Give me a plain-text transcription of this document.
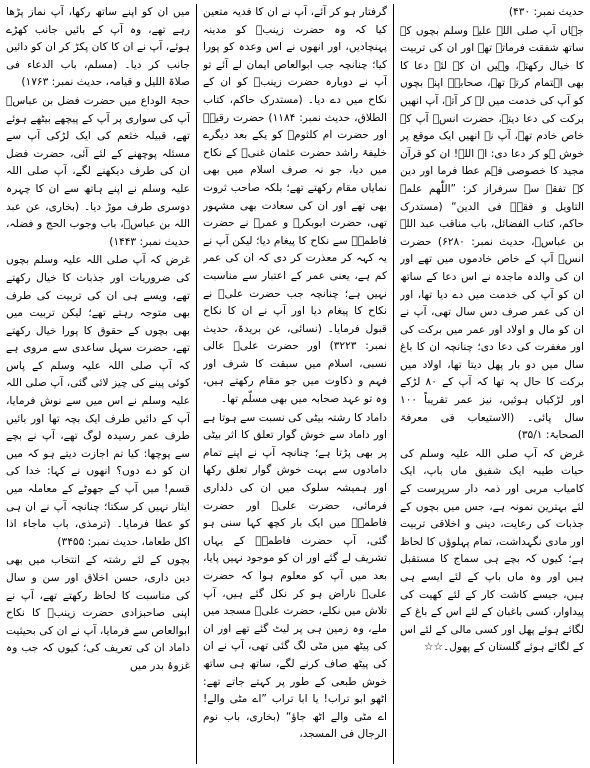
میں ان کو اپنے ساتھ رکھا، آپ نماز پڑھا رہے تھے، وہ آپ کے بائیں جانب کھڑے ہوئے، آپ نے ان کا کان پکڑ کر ان کو دائیں جانب کر دیا۔ (مسلم، باب الدعاء فی صلاۃ اللیل و قیامہ، حدیث نمبر: ۱۷۶۳)

حجۃ الوداع میں حضرت فضل بن عباسؓ آپ کی سواری پر آپ کے پیچھے بیٹھے ہوئے تھے، قبیلہ خثعم کی ایک لڑکی آپ سے مسئلہ پوچھنے کے لئے آئی، حضرت فضل ان کی طرف دیکھنے لگے، آپ صلی اللہ علیہ وسلم نے اپنے ہاتھ سے ان کا چہرہ دوسری طرف موڑ دیا۔ (بخاری، عن عبد اللہ بن عباسؓ، باب وجوب الحج و فضلہ، حدیث نمبر: ۱۴۴۳)

غرض کہ آپ صلی اللہ علیہ وسلم بچوں کی ضروریات اور جذبات کا خیال رکھتے تھے، ویسے ہی ان کی تربیت کی طرف بھی متوجہ رہتے تھے؛ لیکن تربیت میں بھی بچوں کے حقوق کا پورا خیال رکھتے تھے، حضرت سہل ساعدی سے مروی ہے کہ آپ صلی اللہ علیہ وسلم کے پاس کوئی پینے کی چیز لائی گئی، آپ صلی اللہ علیہ وسلم نے اس میں سے نوش فرمایا، آپ کے دائیں طرف ایک بچہ تھا اور بائیں طرف عمر رسیدہ لوگ تھے، آپ نے بچے سے پوچھا: کیا تم اجازت دیتے ہو کہ میں ان کو دے دوں؟ انھوں نے کہا: خدا کی قسم! میں آپ کے جھوٹے کے معاملہ میں ایثار نہیں کر سکتا؛ چنانچہ آپ نے ان ہی کو عطا فرمایا۔ (ترمذی، باب ماجاء اذا اکل طعاما، حدیث نمبر: ۳۴۵۵)

بچوں کے لئے رشتہ کے انتخاب میں بھی دین داری، حسن اخلاق اور سن و سال کی مناسبت کا لحاظ رکھتے تھے، آپ نے اپنی صاحبزادی حضرت زینبؓ کا نکاح ابوالعاص سے فرمایا، آپ نے ان کی بحیثیت داماد ان کی تعریف کی؛ کیوں کہ جب وہ غزوۂ بدر میں

گرفتار ہو کر آئے، آپ نے ان کا فدیہ متعین کیا کہ وہ حضرت زینبؓ کو مدینہ پہنچادیں، اور انھوں نے اس وعدہ کو پورا کیا؛ چنانچہ جب ابوالعاص ایمان لے آئے تو آپ نے دوبارہ حضرت زینبؓ کو ان کے نکاح میں دے دیا۔ (مستدرک حاکم، کتاب الطلاق، حدیث نمبر: ۱۱۸۴) حضرت رقیہؓ اور حضرت ام کلثومؓ کو یکے بعد دیگرے خلیفۂ راشد حضرت عثمان غنیؓ کے نکاح میں دیا، جو نہ صرف اسلام میں بھی نمایاں مقام رکھتے تھے؛ بلکہ صاحب ثروت بھی تھے اور ان کی سعادت بھی مشہور تھی، حضرت ابوبکرؓ و عمرؓ نے حضرت فاطمہؓ سے نکاح کا پیغام دیا؛ لیکن آپ نے یہ کہہ کر معذرت کر دی کہ ان کی عمر کم ہے، یعنی عمر کے اعتبار سے مناسبت نہیں ہے؛ چنانچہ جب حضرت علیؓ نے نکاح کا پیغام دیا اور آپ نے ان کا نکاح قبول فرمایا۔ (نسائی، عن بریدۃ، حدیث نمبر: ۳۲۲۳) اور حضرت علیؓ عالی نسبی، اسلام میں سبقت کا شرف اور فہم و ذکاوت میں جو مقام رکھتے ہیں، وہ تو عہد صحابہ میں بھی مسلّم تھا۔

داماد کا رشتہ بیٹی کی نسبت سے ہوتا ہے اور داماد سے خوش گوار تعلق کا اثر بیٹی پر بھی پڑتا ہے؛ چنانچہ آپ نے اپنے تمام دامادوں سے بہت خوش گوار تعلق رکھا اور ہمیشہ سلوک میں ان کی دلداری فرمائی، حضرت علیؓ اور حضرت فاطمہؓ میں ایک بار کچھ کہا سنی ہو گئی، آپ حضرت فاطمہؓ کے یہاں تشریف لے گئے اور ان کو موجود نہیں پایا، بعد میں آپ کو معلوم ہوا کہ حضرت علیؓ ناراض ہو کر نکل گئے ہیں، آپ تلاش میں نکلے، حضرت علیؓ مسجد میں ملے، وہ زمین ہی پر لیٹ گئے تھے اور ان کی پیٹھ میں مٹی لگ گئی تھی، آپ نے ان کی پیٹھ صاف کرنے لگے، ساتھ ہی ساتھ خوش طبعی کے طور پر کہتے جاتے تھے: اٹھو ابو تراب! یا ابا تراب ”اے مٹی والے! اے مٹی والے اٹھ جاؤ“ (بخاری، باب نوم الرجال فی المسجد،

حدیث نمبر: ۴۳۰)

جہاں آپ صلی اللہ علیہ وسلم بچوں کے ساتھ شفقت فرماتے تھے اور ان کی تربیت کا خیال رکھتے، وہیں ان کے لئے دعا کا بھی اہتمام کرتے تھے، صحابہؓ اپنے بچوں کو آپ کی خدمت میں لے کر آتے، آپ انھیں برکت کی دعا دیتے، حضرت انسؓ آپ کے خاص خادم تھے، آپ نے انھیں ایک موقع پر خوش ہو کر دعا دی: اے اللہ! ان کو قرآن مجید کا خصوصی فہم عطا فرما اور دین کے تفقہ سے سرفراز کر: ”اللّٰھم علمہ التاویل و فقہہ فی الدین“ (مستدرک حاکم، کتاب الفضائل، باب مناقب عبد اللہ بن عباسؓ، حدیث نمبر: ۶۲۸۰) حضرت انسؓ آپ کے خاص خادموں میں تھے اور ان کی والدہ ماجدہ نے اس دعا کے ساتھ ان کو آپ کی خدمت میں دے دیا تھا، اور ان کی عمر صرف دس سال تھی، آپ نے ان کو مال و اولاد اور عمر میں برکت کی اور مغفرت کی دعا دی؛ چنانچہ ان کا باغ سال میں دو بار پھل دیتا تھا، اولاد میں برکت کا حال یہ تھا کہ آپ کے ۸۰ لڑکے اور لڑکیاں ہوئیں، نیز عمر تقریباً ۱۰۰ سال پائی۔ (الاستیعاب فی معرفۃ الصحابۃ: ۳۵/۱)

غرض کہ آپ صلی اللہ علیہ وسلم کی حیات طیبہ ایک شفیق ماں باپ، ایک کامیاب مربی اور ذمہ دار سرپرست کے لئے بہترین نمونہ ہے، جس میں بچوں کے جذبات کی رعایت، دینی و اخلاقی تربیت اور مادی نگہداشت، تمام پہلوؤں کا لحاظ ہے؛ کیوں کہ بچے ہی سماج کا مستقبل ہیں اور وہ ماں باپ کے لئے ایسے ہی ہیں، جیسے کاشت کار کے لئے کھیت کی پیداوار، کسی باغبان کے لئے اس کے باغ کے لگائے ہوئے پھل اور کسی مالی کے لئے اس کے لگائے ہوئے گلستان کے پھول۔☆☆
